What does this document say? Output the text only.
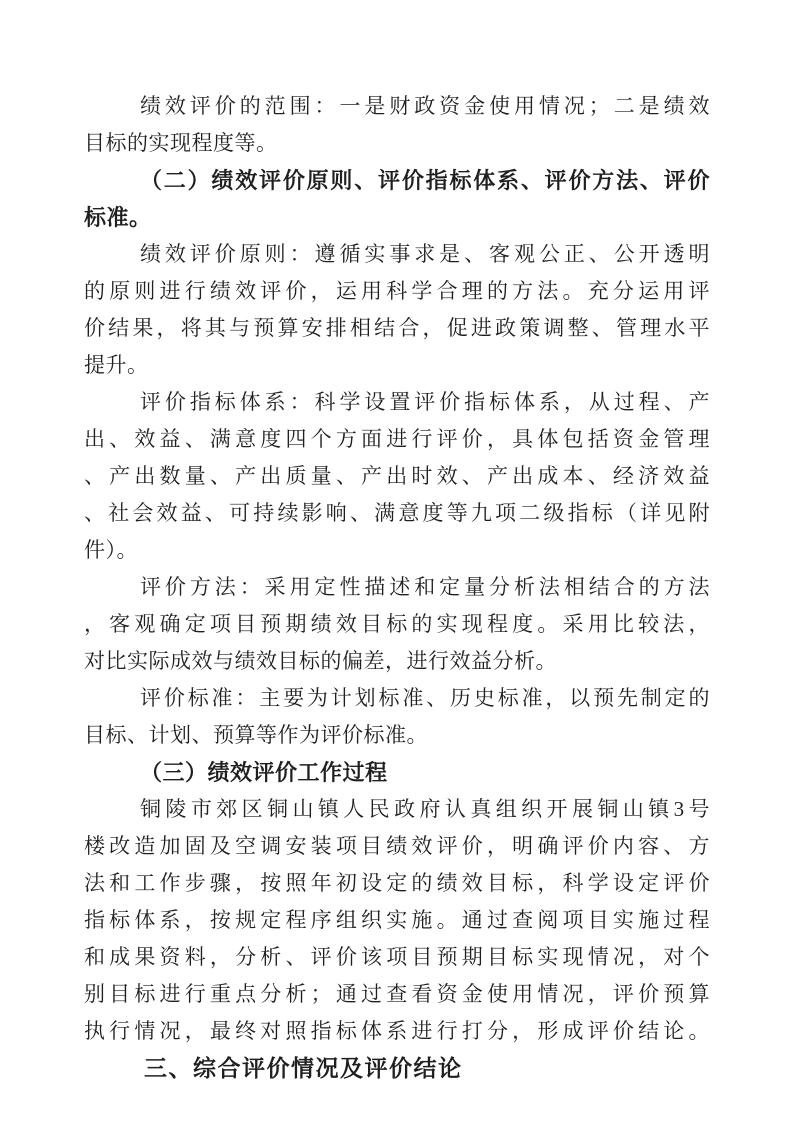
绩效评价的范围：一是财政资金使用情况；二是绩效
目标的实现程度等。
（二）绩效评价原则、评价指标体系、评价方法、评价
标准。
绩效评价原则：遵循实事求是、客观公正、公开透明
的原则进行绩效评价，运用科学合理的方法。充分运用评
价结果，将其与预算安排相结合，促进政策调整、管理水平
提升。
评价指标体系：科学设置评价指标体系，从过程、产
出、效益、满意度四个方面进行评价，具体包括资金管理
、产出数量、产出质量、产出时效、产出成本、经济效益
、社会效益、可持续影响、满意度等九项二级指标（详见附
件）。
评价方法：采用定性描述和定量分析法相结合的方法
，客观确定项目预期绩效目标的实现程度。采用比较法，
对比实际成效与绩效目标的偏差，进行效益分析。
评价标准：主要为计划标准、历史标准，以预先制定的
目标、计划、预算等作为评价标准。
（三）绩效评价工作过程
铜陵市郊区铜山镇人民政府认真组织开展铜山镇3号
楼改造加固及空调安装项目绩效评价，明确评价内容、方
法和工作步骤，按照年初设定的绩效目标，科学设定评价
指标体系，按规定程序组织实施。通过查阅项目实施过程
和成果资料，分析、评价该项目预期目标实现情况，对个
别目标进行重点分析；通过查看资金使用情况，评价预算
执行情况，最终对照指标体系进行打分，形成评价结论。
三、综合评价情况及评价结论
